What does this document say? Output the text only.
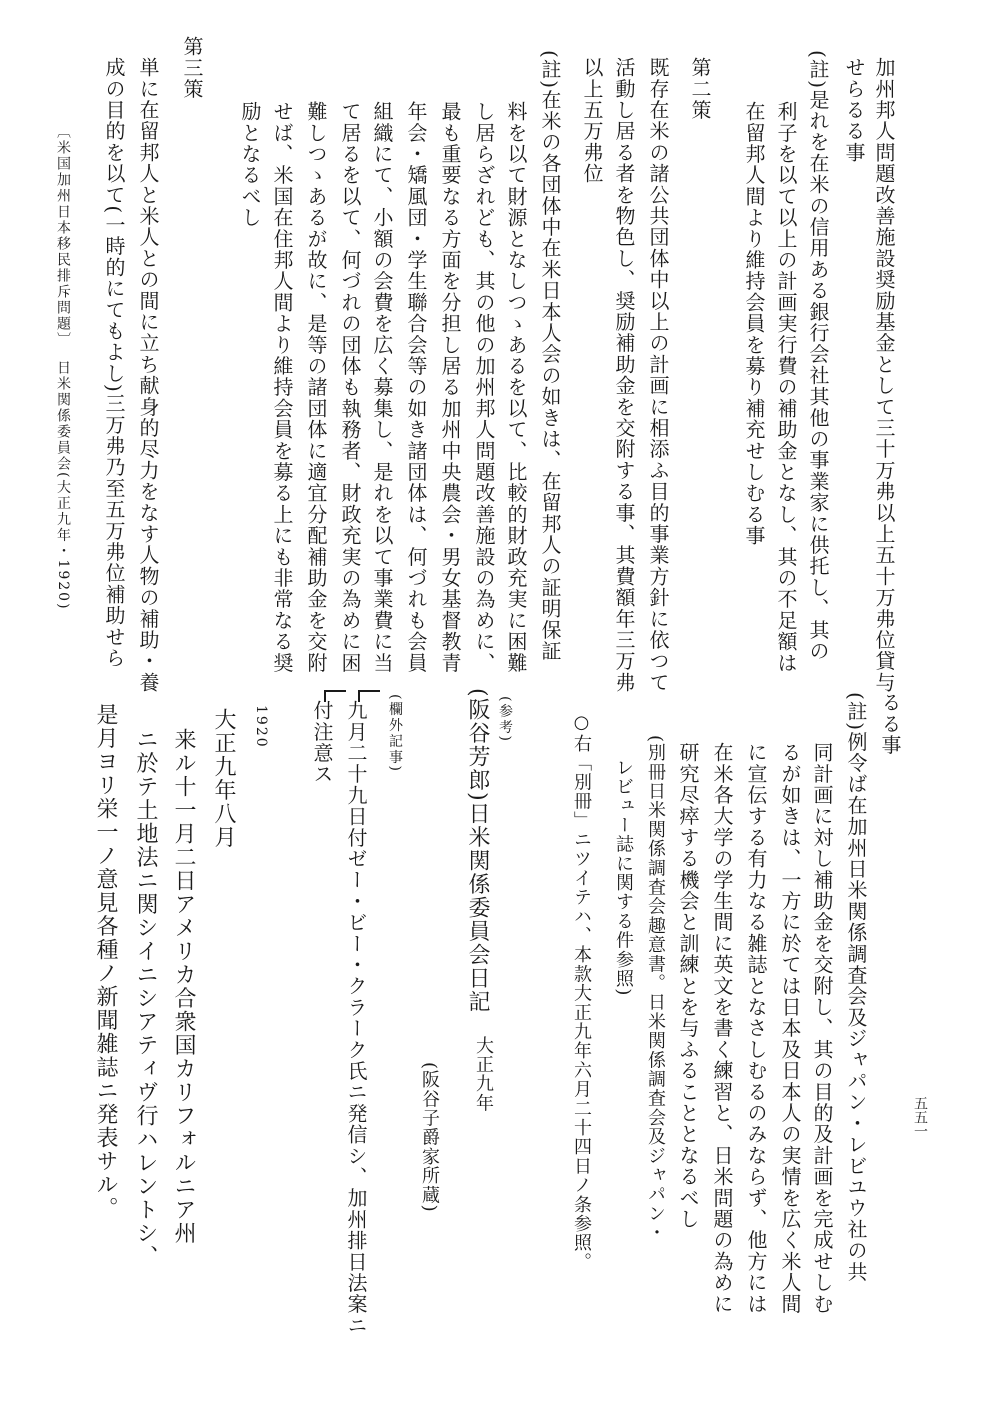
加州邦人問題改善施設奨励基金として三十万弗以上五十万弗位貸与
せらるる事
(註)是れを在米の信用ある銀行会社其他の事業家に供托し、其の
利子を以て以上の計画実行費の補助金となし、其の不足額は
在留邦人間より維持会員を募り補充せしむる事
第二策
既存在米の諸公共団体中以上の計画に相添ふ目的事業方針に依つて
活動し居る者を物色し、奨励補助金を交附する事、其費額年三万弗
以上五万弗位
(註)在米の各団体中在米日本人会の如きは、在留邦人の証明保証
料を以て財源となしつゝあるを以て、比較的財政充実に困難
し居らざれども、其の他の加州邦人問題改善施設の為めに、
最も重要なる方面を分担し居る加州中央農会・男女基督教青
年会・矯風団・学生聯合会等の如き諸団体は、何づれも会員
組織にて、小額の会費を広く募集し、是れを以て事業費に当
て居るを以て、何づれの団体も執務者、財政充実の為めに困
難しつゝあるが故に、是等の諸団体に適宜分配補助金を交附
せば、米国在住邦人間より維持会員を募る上にも非常なる奨
励となるべし
第三策
単に在留邦人と米人との間に立ち献身的尽力をなす人物の補助・養
成の目的を以て(一時的にてもよし)三万弗乃至五万弗位補助せら
〔米国加州日本移民排斥問題〕
日米関係委員会(大正九年・1920)
るる事
(註)例令ば在加州日米関係調査会及ジャパン・レビユウ社の共
同計画に対し補助金を交附し、其の目的及計画を完成せしむ
るが如きは、一方に於ては日本及日本人の実情を広く米人間
に宣伝する有力なる雑誌となさしむるのみならず、他方には
在米各大学の学生間に英文を書く練習と、日米問題の為めに
研究尽瘁する機会と訓練とを与ふることとなるべし
(別冊日米関係調査会趣意書。日米関係調査会及ジャパン・
レビュー誌に関する件参照)
○右「別冊」ニツイテハ、本款大正九年六月二十四日ノ条参照。
(参考)
(阪谷芳郎)日米関係委員会日記
大正九年
(阪谷子爵家所蔵)
(欄外記事)
九月二十九日付ゼー・ビー・クラーク氏ニ発信シ、加州排日法案ニ
付注意ス
1920
大正九年八月
来ル十一月二日アメリカ合衆国カリフォルニア州
ニ於テ土地法ニ関シイニシアティヴ行ハレントシ、
是月ヨリ栄一ノ意見各種ノ新聞雑誌ニ発表サル。	五五一
